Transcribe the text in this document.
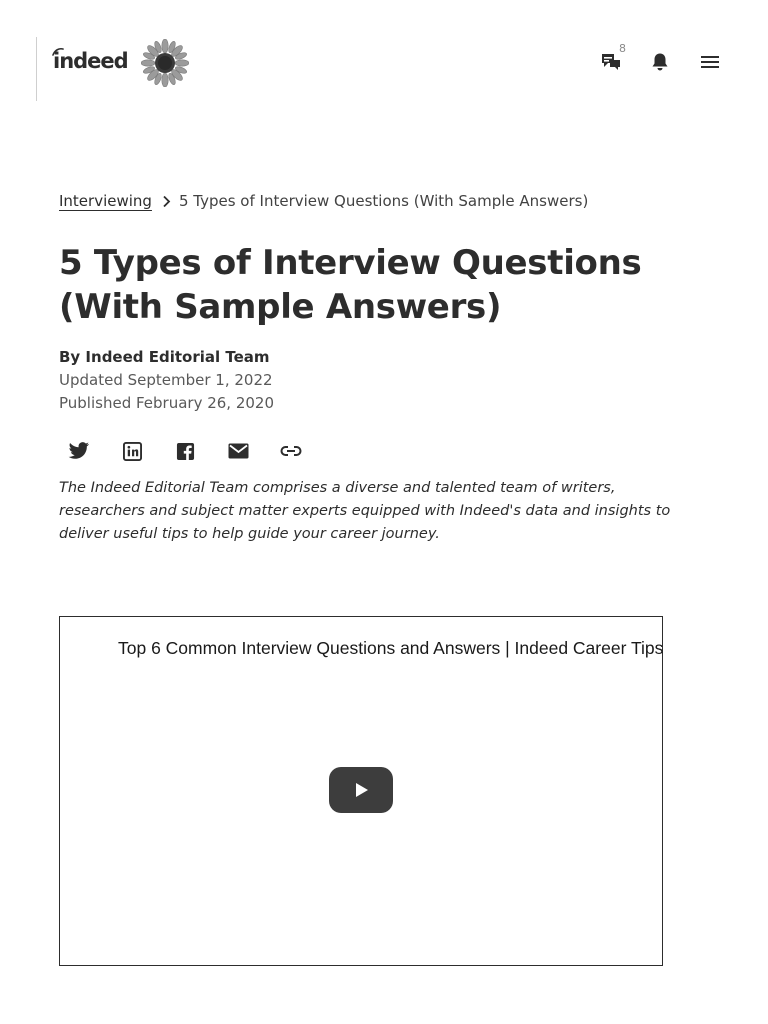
indeed
8
Interviewing 5 Types of Interview Questions (With Sample Answers)
5 Types of Interview Questions (With Sample Answers)
By Indeed Editorial Team
Updated September 1, 2022
Published February 26, 2020

The Indeed Editorial Team comprises a diverse and talented team of writers, researchers and subject matter experts equipped with Indeed's data and insights to deliver useful tips to help guide your career journey.

Top 6 Common Interview Questions and Answers | Indeed Career Tips
